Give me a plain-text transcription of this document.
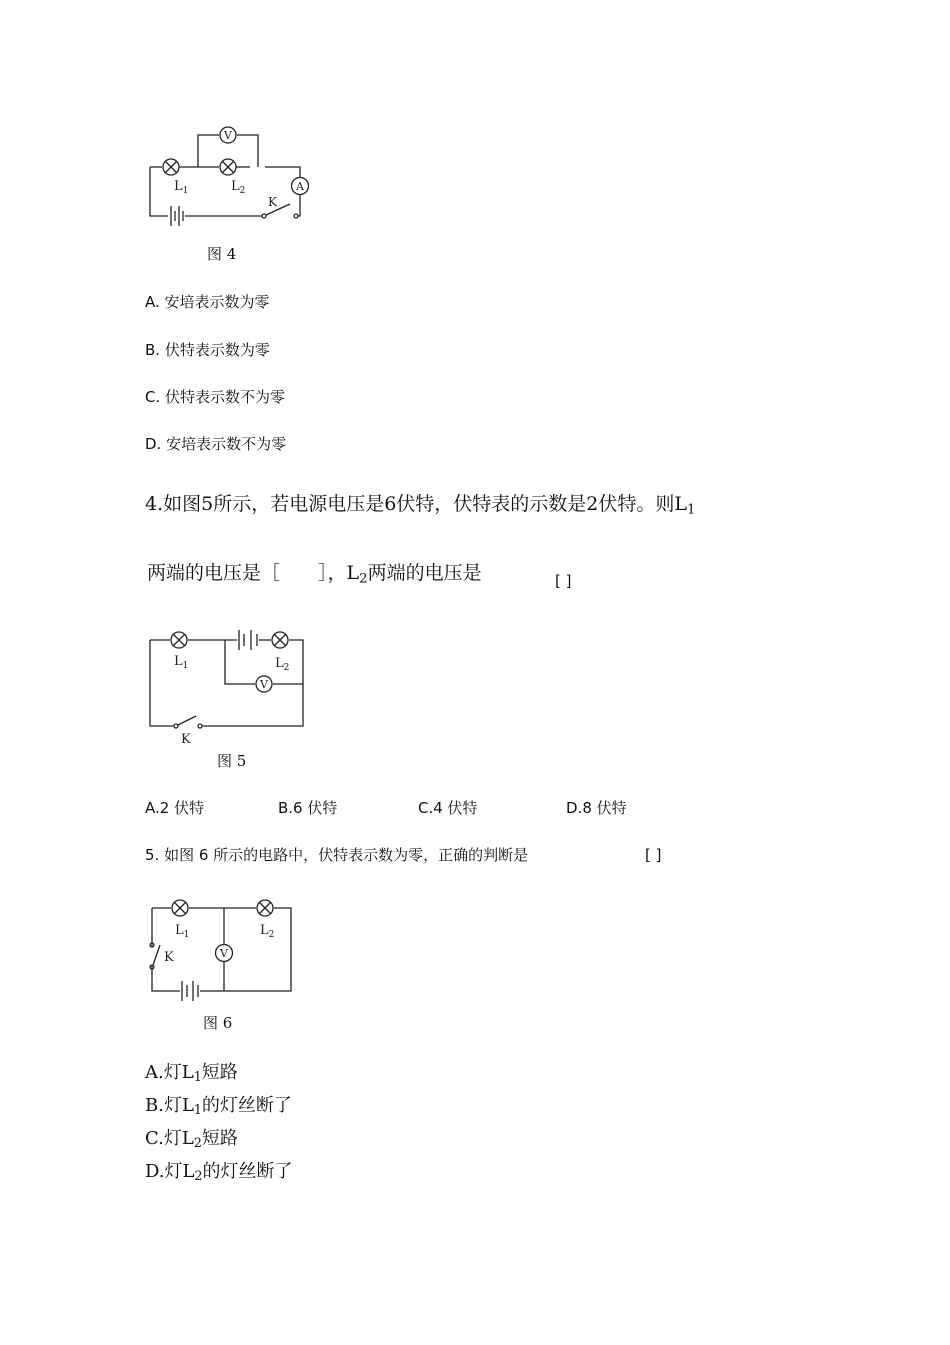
V
A
K
$L_1$	$L_2$
图 4
A. 安培表示数为零
B. 伏特表示数为零
C. 伏特表示数不为零
D. 安培表示数不为零
4.如图5所示，若电源电压是6伏特，伏特表的示数是2伏特。则$L_1$
两端的电压是［　　］，$L_2$两端的电压是	[ ]
V
K
$L_1$	$L_2$
图 5
A.2 伏特	B.6 伏特	C.4 伏特	D.8 伏特
5. 如图 6 所示的电路中，伏特表示数为零，正确的判断是	[ ]
V
K
$L_1$	$L_2$
图 6
A.灯$L_1$短路
B.灯$L_1$的灯丝断了
C.灯$L_2$短路
D.灯$L_2$的灯丝断了
